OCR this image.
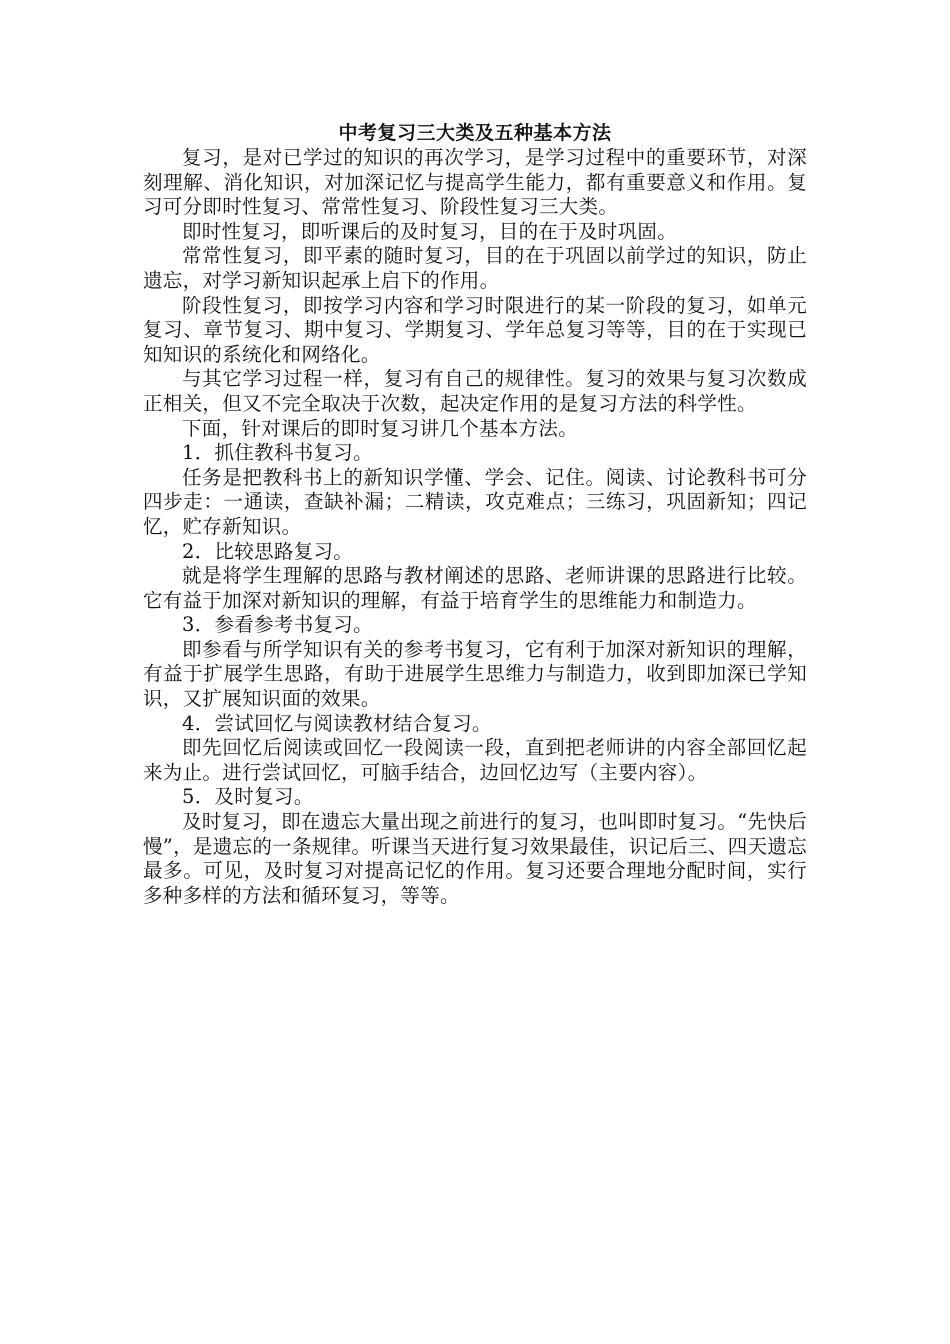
中考复习三大类及五种基本方法

复习，是对已学过的知识的再次学习，是学习过程中的重要环节，对深刻理解、消化知识，对加深记忆与提高学生能力，都有重要意义和作用。复习可分即时性复习、常常性复习、阶段性复习三大类。

即时性复习，即听课后的及时复习，目的在于及时巩固。

常常性复习，即平素的随时复习，目的在于巩固以前学过的知识，防止遗忘，对学习新知识起承上启下的作用。

阶段性复习，即按学习内容和学习时限进行的某一阶段的复习，如单元复习、章节复习、期中复习、学期复习、学年总复习等等，目的在于实现已知知识的系统化和网络化。

与其它学习过程一样，复习有自己的规律性。复习的效果与复习次数成正相关，但又不完全取决于次数，起决定作用的是复习方法的科学性。

下面，针对课后的即时复习讲几个基本方法。

1．抓住教科书复习。

任务是把教科书上的新知识学懂、学会、记住。阅读、讨论教科书可分四步走：一通读，查缺补漏；二精读，攻克难点；三练习，巩固新知；四记忆，贮存新知识。

2．比较思路复习。

就是将学生理解的思路与教材阐述的思路、老师讲课的思路进行比较。它有益于加深对新知识的理解，有益于培育学生的思维能力和制造力。

3．参看参考书复习。

即参看与所学知识有关的参考书复习，它有利于加深对新知识的理解，有益于扩展学生思路，有助于进展学生思维力与制造力，收到即加深已学知识，又扩展知识面的效果。

4．尝试回忆与阅读教材结合复习。

即先回忆后阅读或回忆一段阅读一段，直到把老师讲的内容全部回忆起来为止。进行尝试回忆，可脑手结合，边回忆边写（主要内容）。

5．及时复习。

及时复习，即在遗忘大量出现之前进行的复习，也叫即时复习。“先快后慢”，是遗忘的一条规律。听课当天进行复习效果最佳，识记后三、四天遗忘最多。可见，及时复习对提高记忆的作用。复习还要合理地分配时间，实行多种多样的方法和循环复习，等等。
